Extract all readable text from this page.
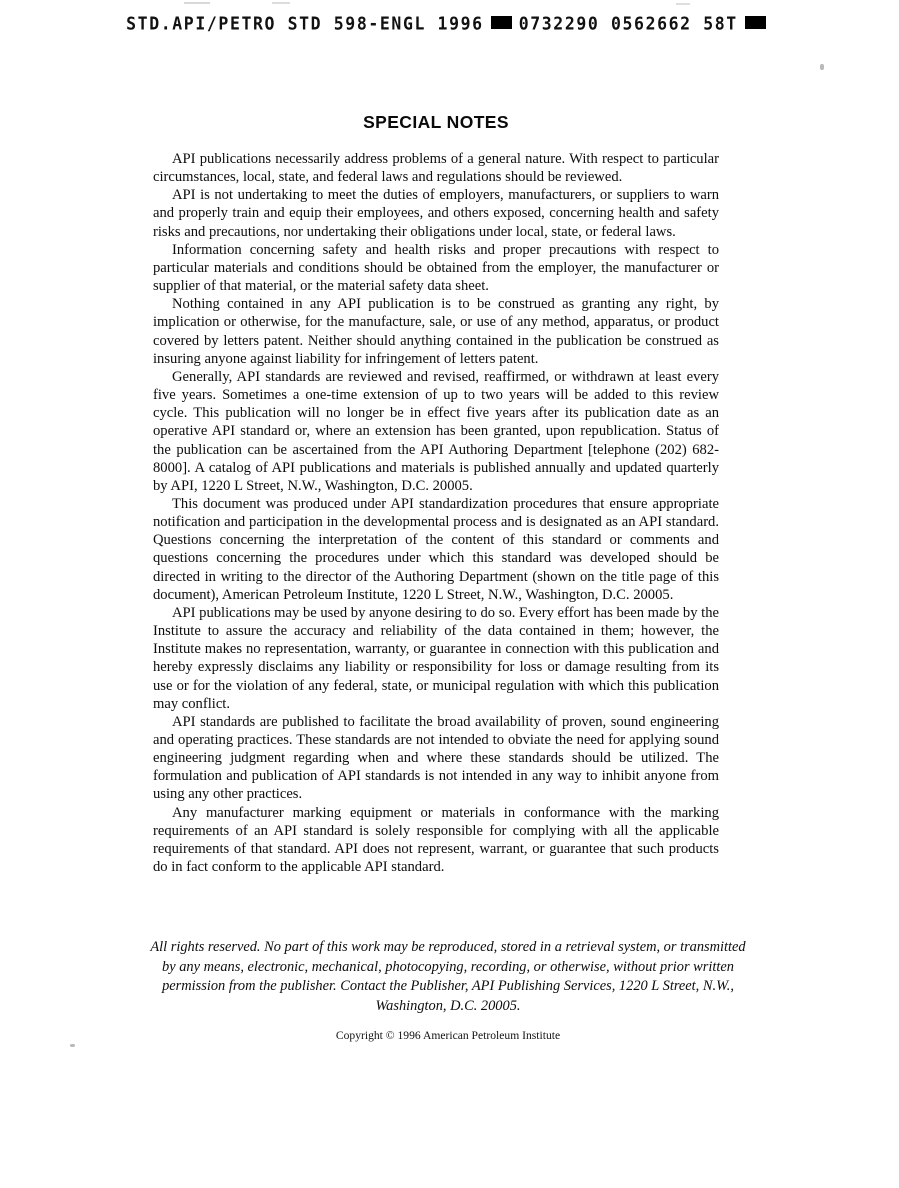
STD.API/PETRO STD 598-ENGL 1996 0732290 0562662 58T
SPECIAL NOTES

API publications necessarily address problems of a general nature. With respect to particular circumstances, local, state, and federal laws and regulations should be reviewed.

API is not undertaking to meet the duties of employers, manufacturers, or suppliers to warn and properly train and equip their employees, and others exposed, concerning health and safety risks and precautions, nor undertaking their obligations under local, state, or federal laws.

Information concerning safety and health risks and proper precautions with respect to particular materials and conditions should be obtained from the employer, the manufacturer or supplier of that material, or the material safety data sheet.

Nothing contained in any API publication is to be construed as granting any right, by implication or otherwise, for the manufacture, sale, or use of any method, apparatus, or product covered by letters patent. Neither should anything contained in the publication be construed as insuring anyone against liability for infringement of letters patent.

Generally, API standards are reviewed and revised, reaffirmed, or withdrawn at least every five years. Sometimes a one-time extension of up to two years will be added to this review cycle. This publication will no longer be in effect five years after its publication date as an operative API standard or, where an extension has been granted, upon republication. Status of the publication can be ascertained from the API Authoring Department [telephone (202) 682-8000]. A catalog of API publications and materials is published annually and updated quarterly by API, 1220 L Street, N.W., Washington, D.C. 20005.

This document was produced under API standardization procedures that ensure appropriate notification and participation in the developmental process and is designated as an API standard. Questions concerning the interpretation of the content of this standard or comments and questions concerning the procedures under which this standard was developed should be directed in writing to the director of the Authoring Department (shown on the title page of this document), American Petroleum Institute, 1220 L Street, N.W., Washington, D.C. 20005.

API publications may be used by anyone desiring to do so. Every effort has been made by the Institute to assure the accuracy and reliability of the data contained in them; however, the Institute makes no representation, warranty, or guarantee in connection with this publication and hereby expressly disclaims any liability or responsibility for loss or damage resulting from its use or for the violation of any federal, state, or municipal regulation with which this publication may conflict.

API standards are published to facilitate the broad availability of proven, sound engineering and operating practices. These standards are not intended to obviate the need for applying sound engineering judgment regarding when and where these standards should be utilized. The formulation and publication of API standards is not intended in any way to inhibit anyone from using any other practices.

Any manufacturer marking equipment or materials in conformance with the marking requirements of an API standard is solely responsible for complying with all the applicable requirements of that standard. API does not represent, warrant, or guarantee that such products do in fact conform to the applicable API standard.

All rights reserved. No part of this work may be reproduced, stored in a retrieval system, or transmitted by any means, electronic, mechanical, photocopying, recording, or otherwise, without prior written permission from the publisher. Contact the Publisher, API Publishing Services, 1220 L Street, N.W., Washington, D.C. 20005.

Copyright © 1996 American Petroleum Institute
